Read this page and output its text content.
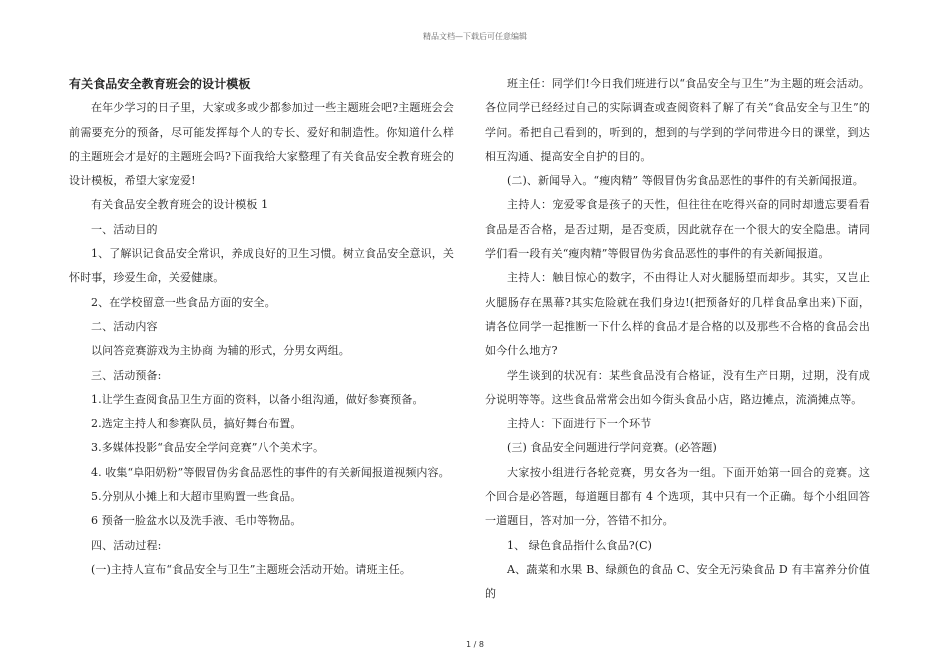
精品文档—下载后可任意编辑

有关食品安全教育班会的设计模板

在年少学习的日子里，大家或多或少都参加过一些主题班会吧?主题班会会前需要充分的预备，尽可能发挥每个人的专长、爱好和制造性。你知道什么样的主题班会才是好的主题班会吗?下面我给大家整理了有关食品安全教育班会的设计模板，希望大家宠爱!

有关食品安全教育班会的设计模板 1

一、活动目的

1、了解识记食品安全常识，养成良好的卫生习惯。树立食品安全意识，关怀时事，珍爱生命，关爱健康。

2、在学校留意一些食品方面的安全。

二、活动内容

以问答竞赛游戏为主协商 为辅的形式，分男女两组。

三、活动预备:

1.让学生查阅食品卫生方面的资料，以备小组沟通，做好参赛预备。

2.选定主持人和参赛队员，搞好舞台布置。

3.多媒体投影“食品安全学问竞赛”八个美术字。

4. 收集“阜阳奶粉”等假冒伪劣食品恶性的事件的有关新闻报道视频内容。

5.分别从小摊上和大超市里购置一些食品。

6 预备一脸盆水以及洗手液、毛巾等物品。

四、活动过程:

(一)主持人宣布“食品安全与卫生”主题班会活动开始。请班主任。

班主任：同学们!今日我们班进行以“食品安全与卫生”为主题的班会活动。各位同学已经经过自己的实际调查或查阅资料了解了有关“食品安全与卫生”的学问。希把自己看到的，听到的，想到的与学到的学问带进今日的课堂，到达相互沟通、提高安全自护的目的。

(二)、新闻导入。“瘦肉精” 等假冒伪劣食品恶性的事件的有关新闻报道。

主持人：宠爱零食是孩子的天性，但往往在吃得兴奋的同时却遗忘要看看食品是否合格，是否过期，是否变质，因此就存在一个很大的安全隐患。请同学们看一段有关“瘦肉精”等假冒伪劣食品恶性的事件的有关新闻报道。

主持人：触目惊心的数字，不由得让人对火腿肠望而却步。其实，又岂止火腿肠存在黑幕?其实危险就在我们身边!(把预备好的几样食品拿出来)下面，请各位同学一起推断一下什么样的食品才是合格的以及那些不合格的食品会出如今什么地方?

学生谈到的状况有：某些食品没有合格证，没有生产日期，过期，没有成分说明等等。这些食品常常会出如今街头食品小店，路边摊点，流淌摊点等。

主持人：下面进行下一个环节

(三) 食品安全问题进行学问竞赛。(必答题)

大家按小组进行各轮竞赛，男女各为一组。下面开始第一回合的竞赛。这个回合是必答题，每道题目都有 4 个选项，其中只有一个正确。每个小组回答一道题目，答对加一分，答错不扣分。

1、 绿色食品指什么食品?(C)

A、蔬菜和水果 B、绿颜色的食品 C、安全无污染食品 D 有丰富养分价值的

1 / 8
